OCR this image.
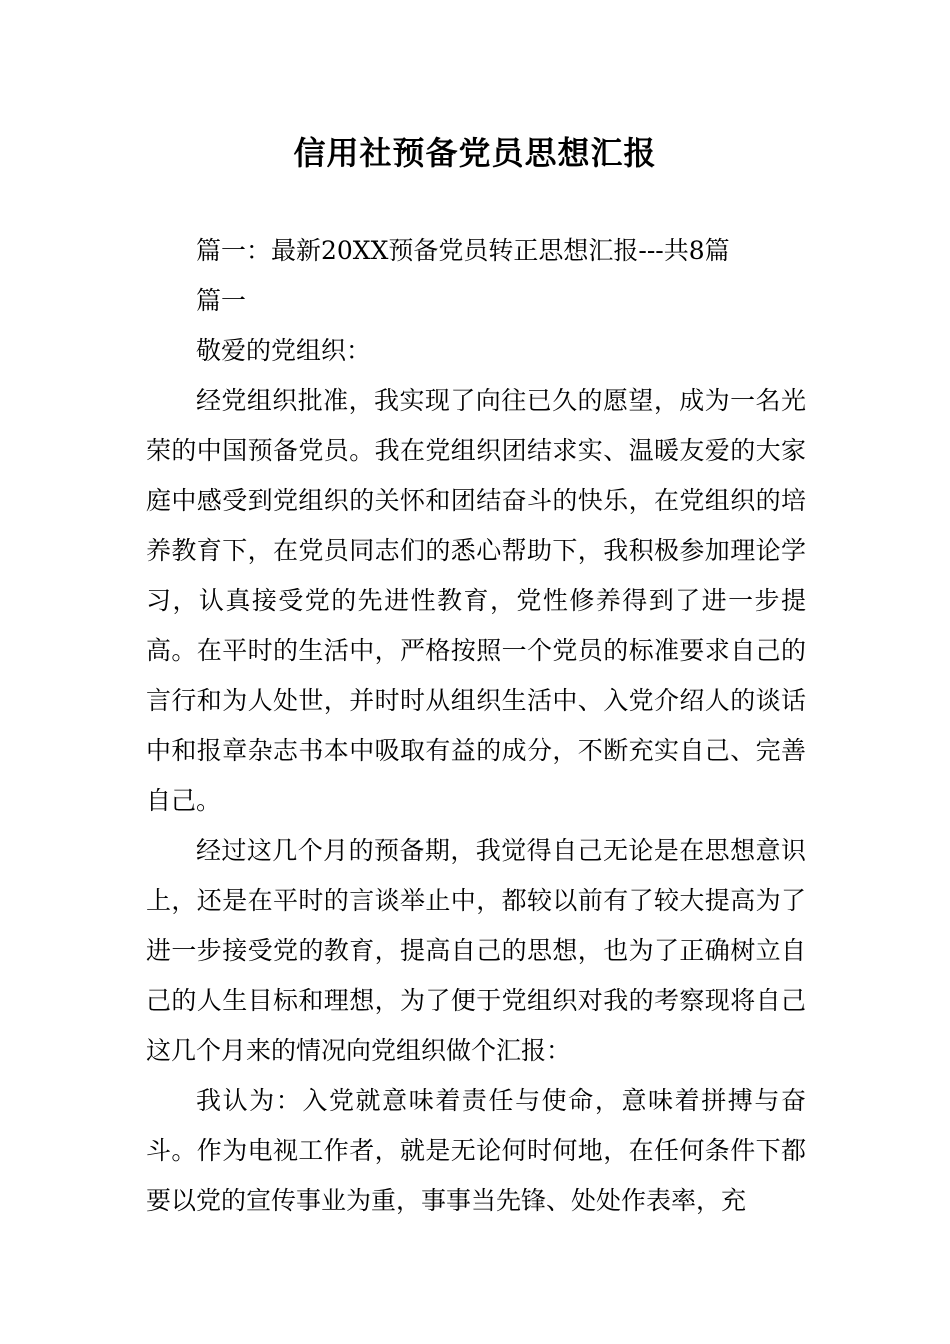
信用社预备党员思想汇报

篇一：最新20XX预备党员转正思想汇报---共8篇

篇一

敬爱的党组织：

经党组织批准，我实现了向往已久的愿望，成为一名光荣的中国预备党员。我在党组织团结求实、温暖友爱的大家庭中感受到党组织的关怀和团结奋斗的快乐，在党组织的培养教育下，在党员同志们的悉心帮助下，我积极参加理论学习，认真接受党的先进性教育，党性修养得到了进一步提高。在平时的生活中，严格按照一个党员的标准要求自己的言行和为人处世，并时时从组织生活中、入党介绍人的谈话中和报章杂志书本中吸取有益的成分，不断充实自己、完善自己。

经过这几个月的预备期，我觉得自己无论是在思想意识上，还是在平时的言谈举止中，都较以前有了较大提高为了进一步接受党的教育，提高自己的思想，也为了正确树立自己的人生目标和理想，为了便于党组织对我的考察现将自己这几个月来的情况向党组织做个汇报：

我认为：入党就意味着责任与使命，意味着拼搏与奋斗。作为电视工作者，就是无论何时何地，在任何条件下都要以党的宣传事业为重，事事当先锋、处处作表率，充
